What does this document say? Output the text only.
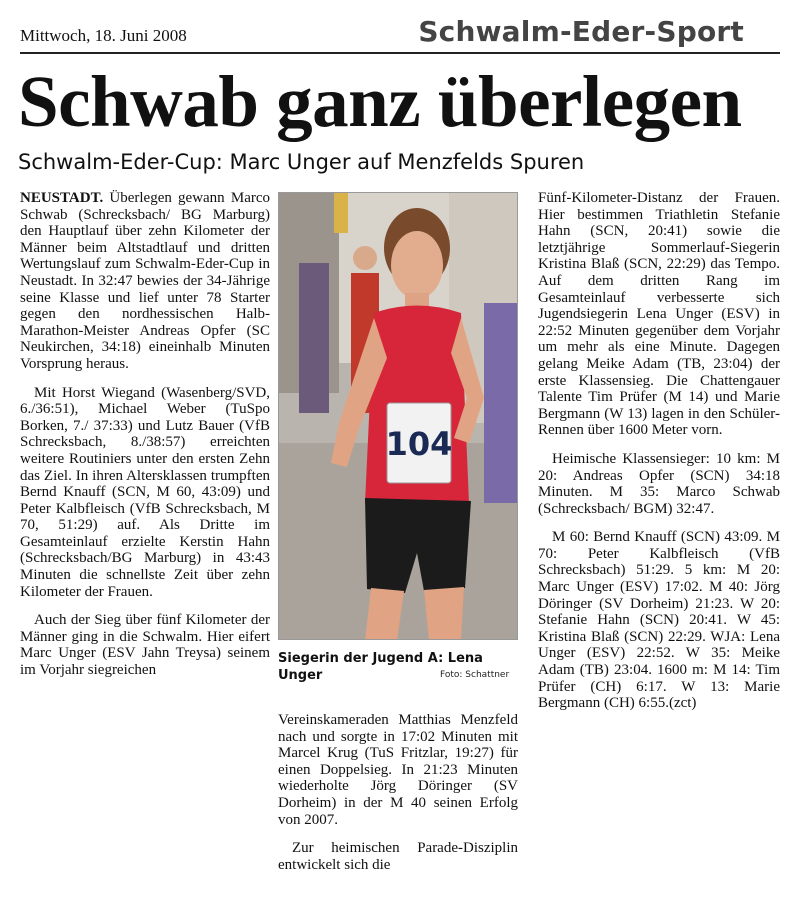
Mittwoch, 18. Juni 2008	Schwalm-Eder-Sport
Schwab ganz überlegen
Schwalm-Eder-Cup: Marc Unger auf Menzfelds Spuren

NEUSTADT. Überlegen gewann Marco Schwab (Schrecksbach/ BG Marburg) den Hauptlauf über zehn Kilometer der Männer beim Altstadtlauf und dritten Wertungslauf zum Schwalm-Eder-Cup in Neustadt. In 32:47 bewies der 34-Jährige seine Klasse und lief unter 78 Starter gegen den nordhessischen Halb-Marathon-Meister Andreas Opfer (SC Neukirchen, 34:18) eineinhalb Minuten Vorsprung heraus.

Mit Horst Wiegand (Wasenberg/SVD, 6./36:51), Michael Weber (TuSpo Borken, 7./ 37:33) und Lutz Bauer (VfB Schrecksbach, 8./38:57) erreichten weitere Routiniers unter den ersten Zehn das Ziel. In ihren Altersklassen trumpften Bernd Knauff (SCN, M 60, 43:09) und Peter Kalbfleisch (VfB Schrecksbach, M 70, 51:29) auf. Als Dritte im Gesamteinlauf erzielte Kerstin Hahn (Schrecksbach/BG Marburg) in 43:43 Minuten die schnellste Zeit über zehn Kilometer der Frauen.

Auch der Sieg über fünf Kilometer der Männer ging in die Schwalm. Hier eifert Marc Unger (ESV Jahn Treysa) seinem im Vorjahr siegreichen

104
Siegerin der Jugend A: Lena Unger	Foto: Schattner

Vereinskameraden Matthias Menzfeld nach und sorgte in 17:02 Minuten mit Marcel Krug (TuS Fritzlar, 19:27) für einen Doppelsieg. In 21:23 Minuten wiederholte Jörg Döringer (SV Dorheim) in der M 40 seinen Erfolg von 2007.

Zur heimischen Parade-Disziplin entwickelt sich die

Fünf-Kilometer-Distanz der Frauen. Hier bestimmen Triathletin Stefanie Hahn (SCN, 20:41) sowie die letztjährige Sommerlauf-Siegerin Kristina Blaß (SCN, 22:29) das Tempo. Auf dem dritten Rang im Gesamteinlauf verbesserte sich Jugendsiegerin Lena Unger (ESV) in 22:52 Minuten gegenüber dem Vorjahr um mehr als eine Minute. Dagegen gelang Meike Adam (TB, 23:04) der erste Klassensieg. Die Chattengauer Talente Tim Prüfer (M 14) und Marie Bergmann (W 13) lagen in den Schüler-Rennen über 1600 Meter vorn.

Heimische Klassensieger: 10 km: M 20: Andreas Opfer (SCN) 34:18 Minuten. M 35: Marco Schwab (Schrecksbach/ BGM) 32:47.

M 60: Bernd Knauff (SCN) 43:09. M 70: Peter Kalbfleisch (VfB Schrecksbach) 51:29. 5 km: M 20: Marc Unger (ESV) 17:02. M 40: Jörg Döringer (SV Dorheim) 21:23. W 20: Stefanie Hahn (SCN) 20:41. W 45: Kristina Blaß (SCN) 22:29. WJA: Lena Unger (ESV) 22:52. W 35: Meike Adam (TB) 23:04. 1600 m: M 14: Tim Prüfer (CH) 6:17. W 13: Marie Bergmann (CH) 6:55.(zct)
